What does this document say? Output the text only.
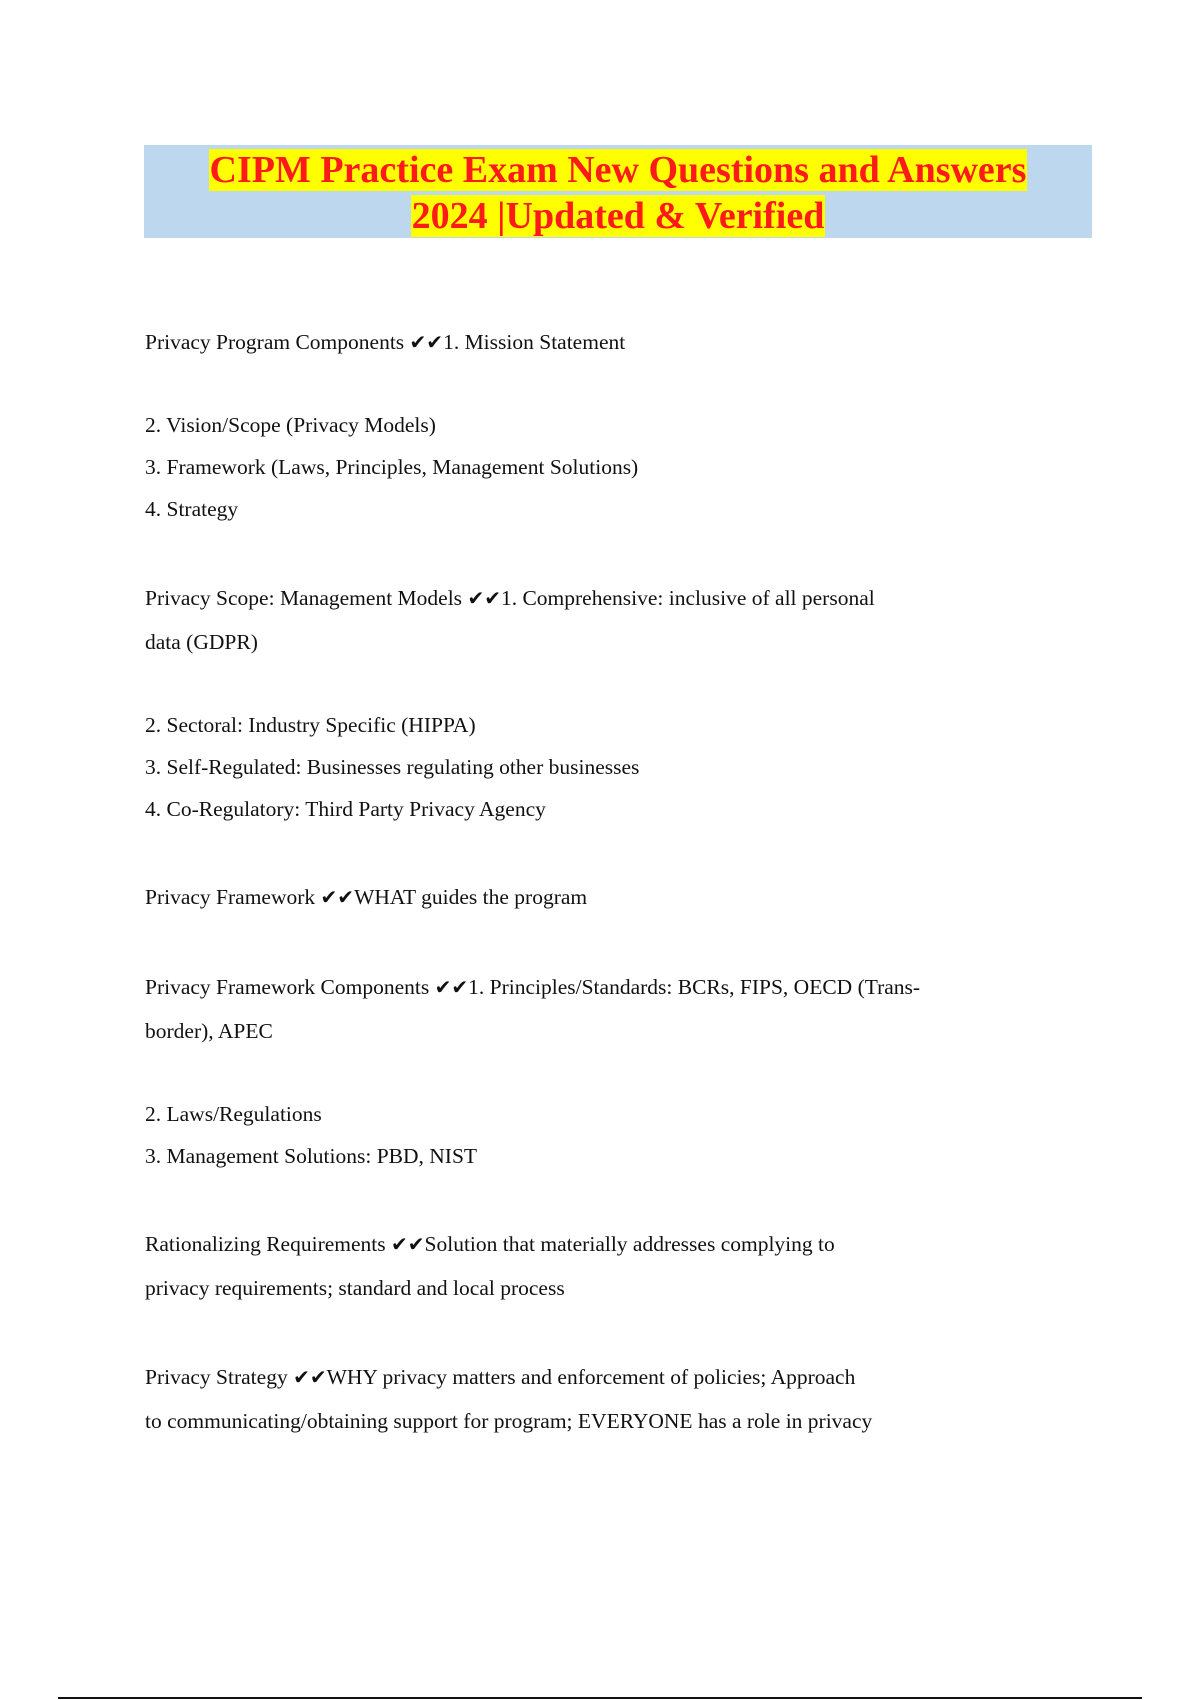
CIPM Practice Exam New Questions and Answers
2024 |Updated & Verified
Privacy Program Components ✔✔1. Mission Statement
2. Vision/Scope (Privacy Models)
3. Framework (Laws, Principles, Management Solutions)
4. Strategy
Privacy Scope: Management Models ✔✔1. Comprehensive: inclusive of all personal
data (GDPR)
2. Sectoral: Industry Specific (HIPPA)
3. Self-Regulated: Businesses regulating other businesses
4. Co-Regulatory: Third Party Privacy Agency
Privacy Framework ✔✔WHAT guides the program
Privacy Framework Components ✔✔1. Principles/Standards: BCRs, FIPS, OECD (Trans-
border), APEC
2. Laws/Regulations
3. Management Solutions: PBD, NIST
Rationalizing Requirements ✔✔Solution that materially addresses complying to
privacy requirements; standard and local process
Privacy Strategy ✔✔WHY privacy matters and enforcement of policies; Approach
to communicating/obtaining support for program; EVERYONE has a role in privacy
